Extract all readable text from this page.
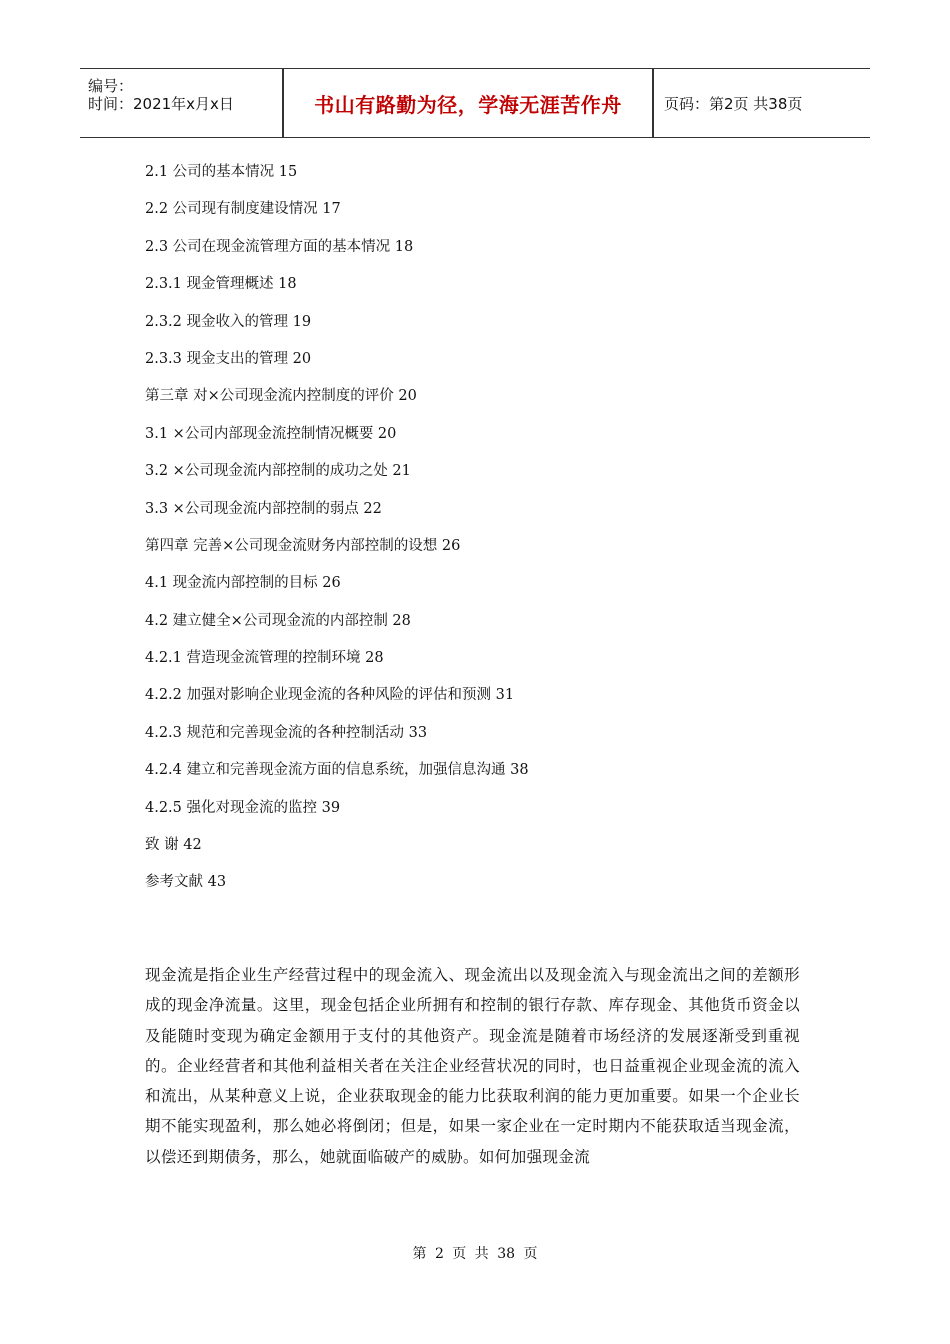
编号：
时间：2021年x月x日	书山有路勤为径，学海无涯苦作舟	页码：第2页 共38页
2.1 公司的基本情况 15
2.2 公司现有制度建设情况 17
2.3 公司在现金流管理方面的基本情况 18
2.3.1 现金管理概述 18
2.3.2 现金收入的管理 19
2.3.3 现金支出的管理 20
第三章 对×公司现金流内控制度的评价 20
3.1 ×公司内部现金流控制情况概要 20
3.2 ×公司现金流内部控制的成功之处 21
3.3 ×公司现金流内部控制的弱点 22
第四章 完善×公司现金流财务内部控制的设想 26
4.1 现金流内部控制的目标 26
4.2 建立健全×公司现金流的内部控制 28
4.2.1 营造现金流管理的控制环境 28
4.2.2 加强对影响企业现金流的各种风险的评估和预测 31
4.2.3 规范和完善现金流的各种控制活动 33
4.2.4 建立和完善现金流方面的信息系统，加强信息沟通 38
4.2.5 强化对现金流的监控 39
致 谢 42
参考文献 43

现金流是指企业生产经营过程中的现金流入、现金流出以及现金流入与现金流出之间的差额形成的现金净流量。这里，现金包括企业所拥有和控制的银行存款、库存现金、其他货币资金以及能随时变现为确定金额用于支付的其他资产。现金流是随着市场经济的发展逐渐受到重视的。企业经营者和其他利益相关者在关注企业经营状况的同时，也日益重视企业现金流的流入和流出，从某种意义上说，企业获取现金的能力比获取利润的能力更加重要。如果一个企业长期不能实现盈利，那么她必将倒闭；但是，如果一家企业在一定时期内不能获取适当现金流，以偿还到期债务，那么，她就面临破产的威胁。如何加强现金流

第 2 页 共 38 页
